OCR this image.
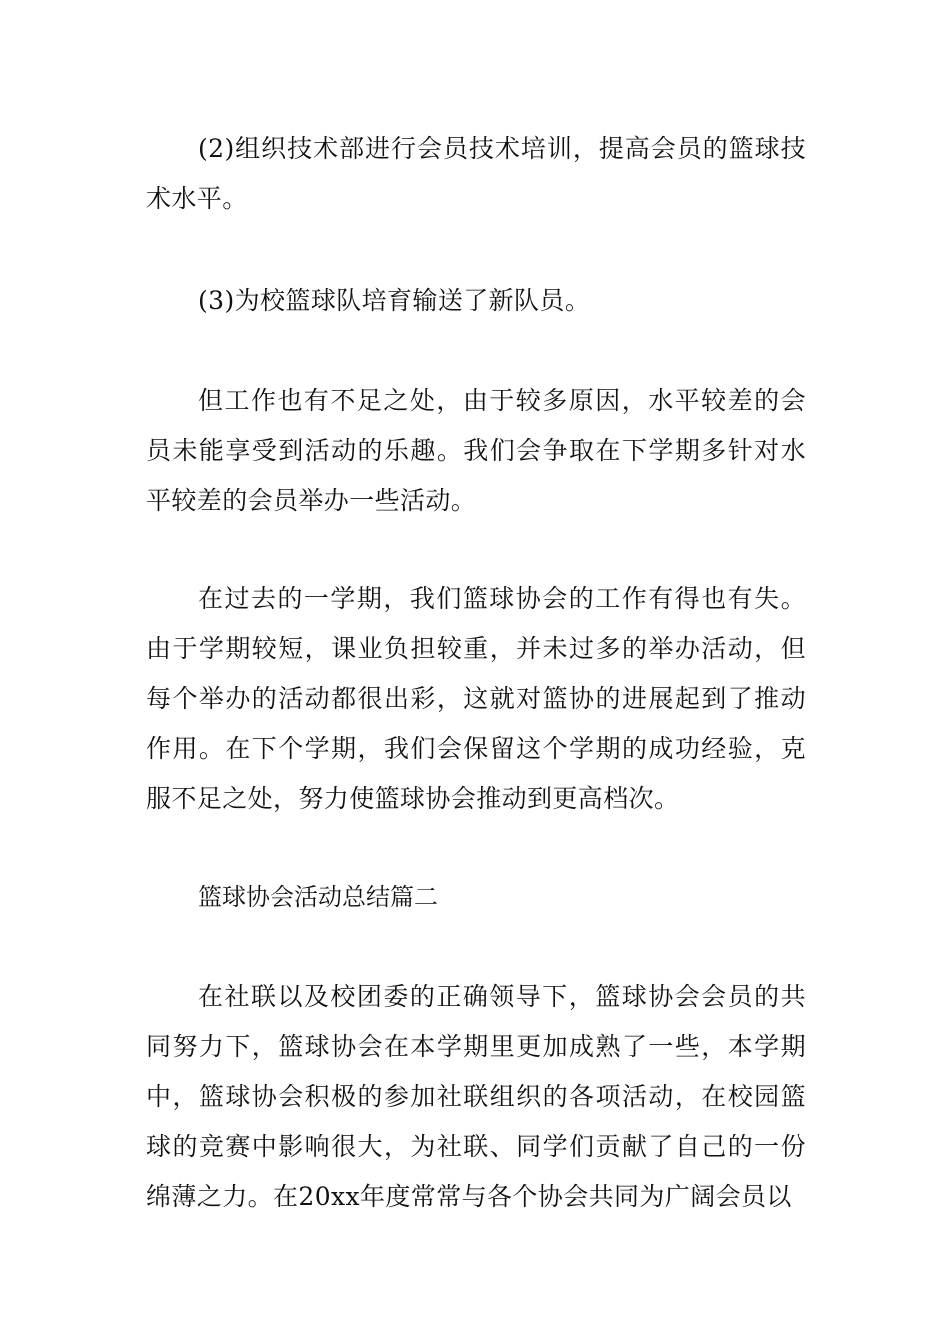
(2)组织技术部进行会员技术培训，提高会员的篮球技术水平。

(3)为校篮球队培育输送了新队员。

但工作也有不足之处，由于较多原因，水平较差的会员未能享受到活动的乐趣。我们会争取在下学期多针对水平较差的会员举办一些活动。

在过去的一学期，我们篮球协会的工作有得也有失。由于学期较短，课业负担较重，并未过多的举办活动，但每个举办的活动都很出彩，这就对篮协的进展起到了推动作用。在下个学期，我们会保留这个学期的成功经验，克服不足之处，努力使篮球协会推动到更高档次。

篮球协会活动总结篇二

在社联以及校团委的正确领导下，篮球协会会员的共同努力下，篮球协会在本学期里更加成熟了一些，本学期中，篮球协会积极的参加社联组织的各项活动，在校园篮球的竞赛中影响很大，为社联、同学们贡献了自己的一份绵薄之力。在20xx年度常常与各个协会共同为广阔会员以
